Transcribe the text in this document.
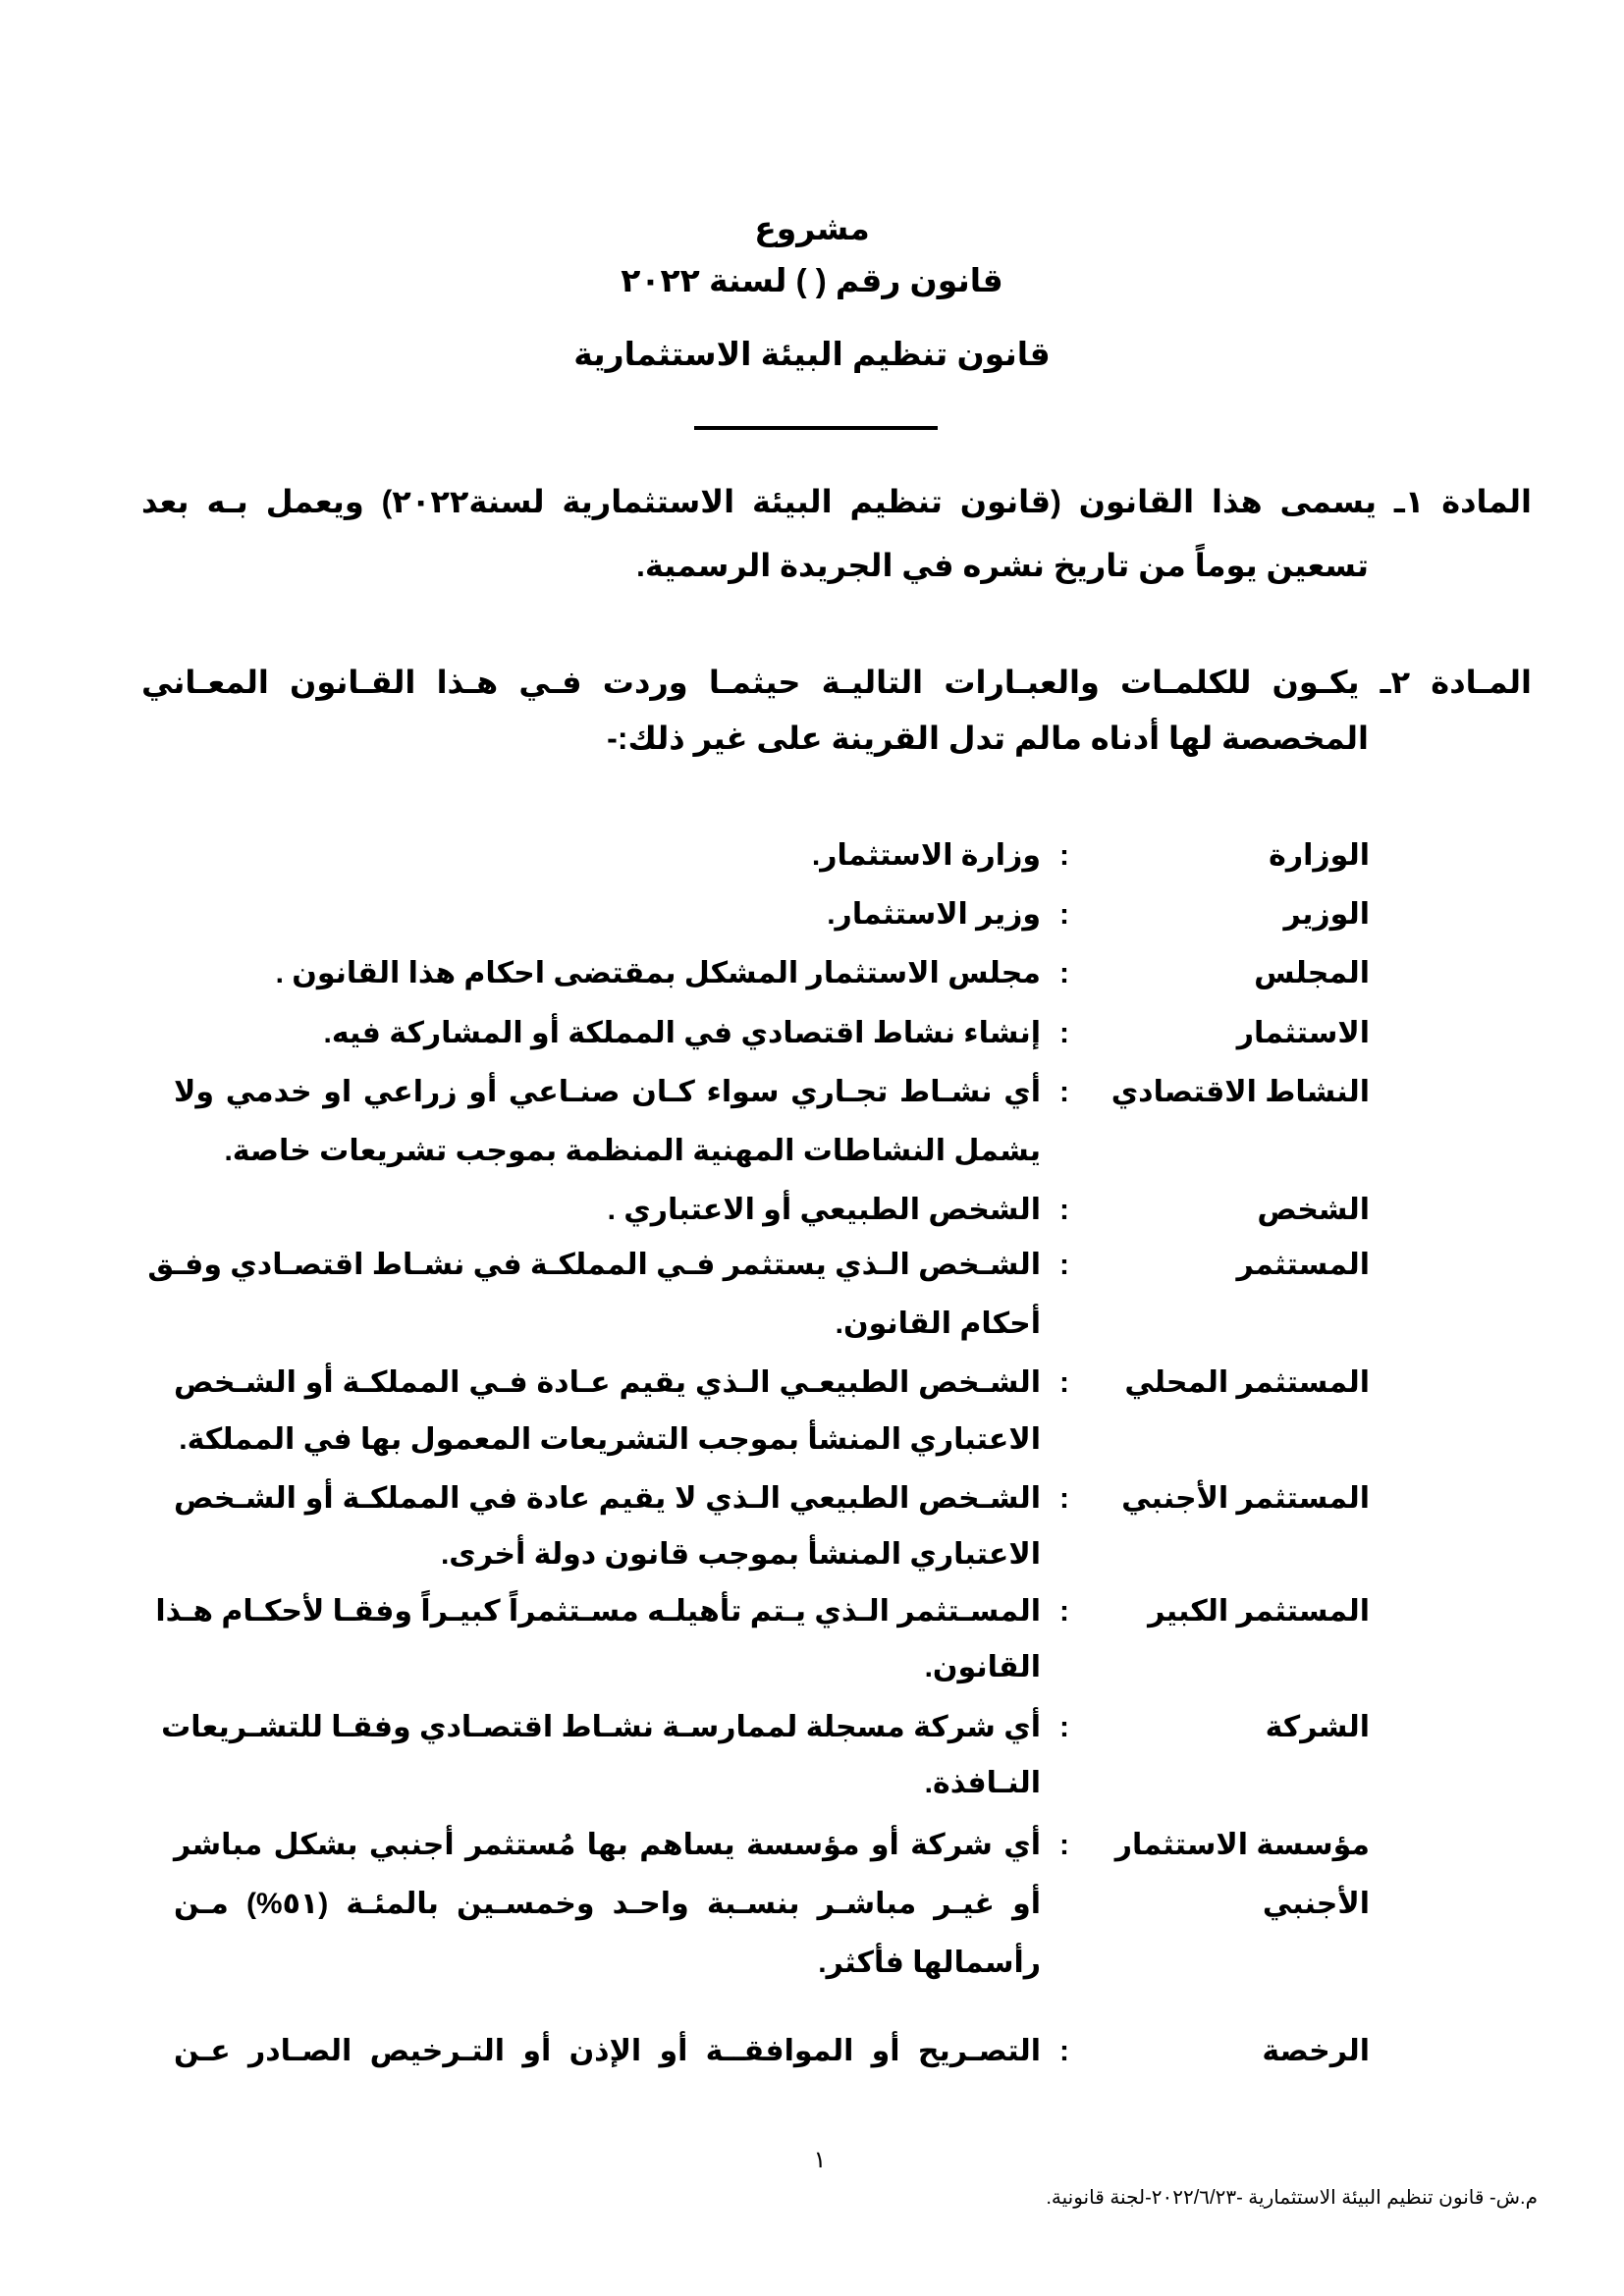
مشروع
قانون رقم ( ) لسنة ٢٠٢٢
قانون تنظيم البيئة الاستثمارية
المادة ١ـ يسمى هذا القانون (قانون تنظيم البيئة الاستثمارية لسنة٢٠٢٢) ويعمل بـه بعد
تسعين يوماً من تاريخ نشره في الجريدة الرسمية.
المـادة ٢ـ يكـون للكلمـات والعبـارات التاليـة حيثمـا وردت فـي هـذا القـانون المعـاني
المخصصة لها أدناه مالم تدل القرينة على غير ذلك:-
الوزارة
:
وزارة الاستثمار.
الوزير
:
وزير الاستثمار.
المجلس
:
مجلس الاستثمار المشكل بمقتضى احكام هذا القانون .
الاستثمار
:
إنشاء نشاط اقتصادي في المملكة أو المشاركة فيه.
النشاط الاقتصادي
:
أي نشـاط تجـاري سواء كـان صنـاعي أو زراعي او خدمي ولا
يشمل النشاطات المهنية المنظمة بموجب تشريعات خاصة.
الشخص
:
الشخص الطبيعي أو الاعتباري .
المستثمر
:
الشـخص الـذي يستثمر فـي المملكـة في نشـاط اقتصـادي وفـق
أحكام القانون.
المستثمر المحلي
:
الشـخص الطبيعـي الـذي يقيم عـادة فـي المملكـة أو الشـخص
الاعتباري المنشأ بموجب التشريعات المعمول بها في المملكة.
المستثمر الأجنبي
:
الشـخص الطبيعي الـذي لا يقيم عادة في المملكـة أو الشـخص
الاعتباري المنشأ بموجب قانون دولة أخرى.
المستثمر الكبير
:
المسـتثمر الـذي يـتم تأهيلـه مسـتثمراً كبيـراً وفقـا لأحكـام هـذا
القانون.
الشركة
:
أي شركة مسجلة لممارسـة نشـاط اقتصـادي وفقـا للتشـريعات
النـافذة.
مؤسسة الاستثمار
الأجنبي
:
أي شركة أو مؤسسة يساهم بها مُستثمر أجنبي بشكل مباشر
أو غيـر مباشـر بنسـبة واحـد وخمسـين بالمئـة (٥١%) مـن
رأسمالها فأكثر.
الرخصة
:
التصـريح أو الموافقــة أو الإذن أو التـرخيص الصـادر عـن
١
م.ش- قانون تنظيم البيئة الاستثمارية -٢٠٢٢/٦/٢٣-لجنة قانونية.
